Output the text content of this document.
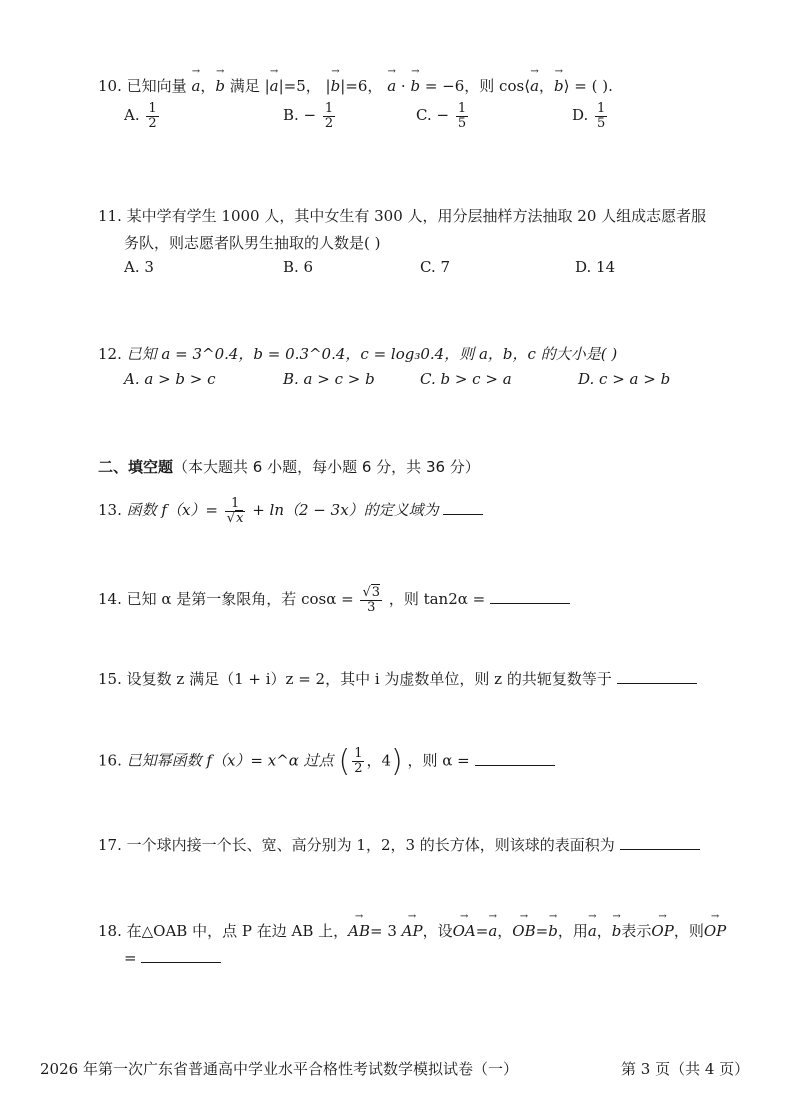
10. 已知向量 → a，→ b 满足 |→ a|=5， |→ b|=6， → a · → b = −6，则 cos⟨→ a，→ b⟩ = ( ).
A. $\frac{1}{2}$	B. − $\frac{1}{2}$	C. − $\frac{1}{5}$	D. $\frac{1}{5}$
11. 某中学有学生 1000 人，其中女生有 300 人，用分层抽样方法抽取 20 人组成志愿者服
务队，则志愿者队男生抽取的人数是( )
A. 3	B. 6	C. 7	D. 14
12. 已知 a = 3^0.4，b = 0.3^0.4，c = log₃0.4，则 a，b，c 的大小是( )
A. a > b > c	B. a > c > b	C. b > c > a	D. c > a > b
二、填空题（本大题共 6 小题，每小题 6 分，共 36 分）
13. 函数 $f(x)= \frac{1}{√x} + \ln(2 - 3x)$的定义域为
14. 已知 α 是第一象限角，若 $\cos\alpha = \frac{√3}{3}$ ，则 tan2α =
15. 设复数 z 满足（1 + i）z = 2，其中 i 为虚数单位，则 z 的共轭复数等于
16. 已知幂函数 f（x）= x^α 过点 ( $\frac{1}{2}$ ，4) ，则 α =
17. 一个球内接一个长、宽、高分别为 1，2，3 的长方体，则该球的表面积为
18. 在△OAB 中，点 P 在边 AB 上，→ AB= 3 → AP，设→ OA=→ a，→ OB=→ b，用→ a，→ b表示→ OP，则→ OP
=
2026 年第一次广东省普通高中学业水平合格性考试数学模拟试卷（一）	第 3 页（共 4 页）
